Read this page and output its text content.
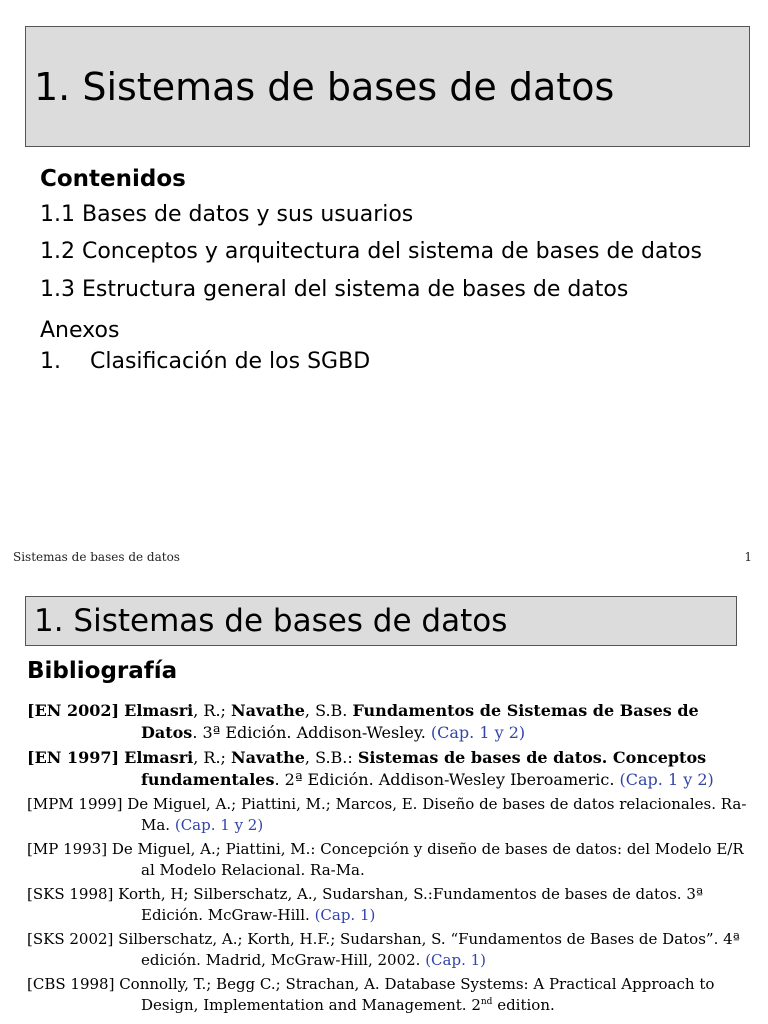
1. Sistemas de bases de datos
Contenidos
1.1 Bases de datos y sus usuarios
1.2 Conceptos y arquitectura del sistema de bases de datos
1.3 Estructura general del sistema de bases de datos
Anexos
1. Clasificación de los SGBD
Sistemas de bases de datos	1
1. Sistemas de bases de datos
Bibliografía
[EN 2002] Elmasri, R.; Navathe, S.B. Fundamentos de Sistemas de Bases de Datos. 3ª Edición. Addison-Wesley. (Cap. 1 y 2)
[EN 1997] Elmasri, R.; Navathe, S.B.: Sistemas de bases de datos. Conceptos fundamentales. 2ª Edición. Addison-Wesley Iberoameric. (Cap. 1 y 2)
[MPM 1999] De Miguel, A.; Piattini, M.; Marcos, E. Diseño de bases de datos relacionales. Ra-Ma. (Cap. 1 y 2)
[MP 1993] De Miguel, A.; Piattini, M.: Concepción y diseño de bases de datos: del Modelo E/R al Modelo Relacional. Ra-Ma.
[SKS 1998] Korth, H; Silberschatz, A., Sudarshan, S.:Fundamentos de bases de datos. 3ª Edición. McGraw-Hill. (Cap. 1)
[SKS 2002] Silberschatz, A.; Korth, H.F.; Sudarshan, S. “Fundamentos de Bases de Datos”. 4ª edición. Madrid, McGraw-Hill, 2002. (Cap. 1)
[CBS 1998] Connolly, T.; Begg C.; Strachan, A. Database Systems: A Practical Approach to Design, Implementation and Management. 2nd edition.
